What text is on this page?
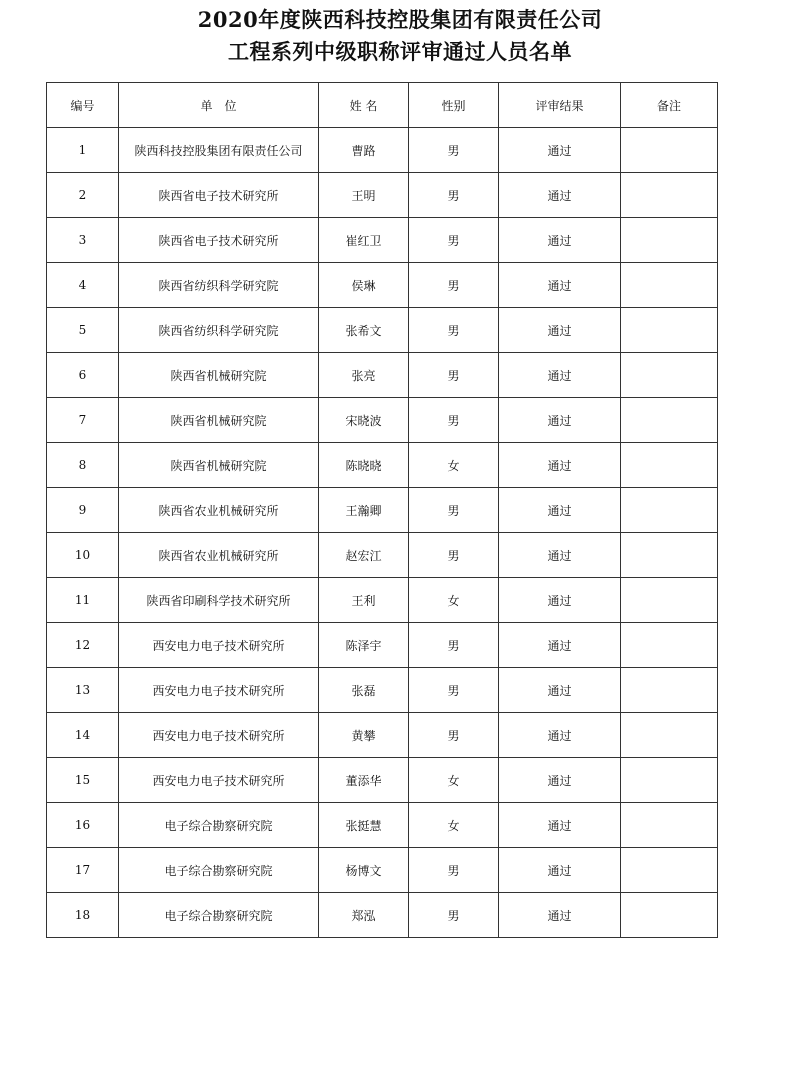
2020年度陕西科技控股集团有限责任公司
工程系列中级职称评审通过人员名单
编号	单　位	姓 名	性别	评审结果	备注
1	陕西科技控股集团有限责任公司	曹路	男	通过	
2	陕西省电子技术研究所	王明	男	通过	
3	陕西省电子技术研究所	崔红卫	男	通过	
4	陕西省纺织科学研究院	侯琳	男	通过	
5	陕西省纺织科学研究院	张希文	男	通过	
6	陕西省机械研究院	张亮	男	通过	
7	陕西省机械研究院	宋晓波	男	通过	
8	陕西省机械研究院	陈晓晓	女	通过	
9	陕西省农业机械研究所	王瀚卿	男	通过	
10	陕西省农业机械研究所	赵宏江	男	通过	
11	陕西省印刷科学技术研究所	王利	女	通过	
12	西安电力电子技术研究所	陈泽宇	男	通过	
13	西安电力电子技术研究所	张磊	男	通过	
14	西安电力电子技术研究所	黄攀	男	通过	
15	西安电力电子技术研究所	董添华	女	通过	
16	电子综合勘察研究院	张挺慧	女	通过	
17	电子综合勘察研究院	杨博文	男	通过	
18	电子综合勘察研究院	郑泓	男	通过	
